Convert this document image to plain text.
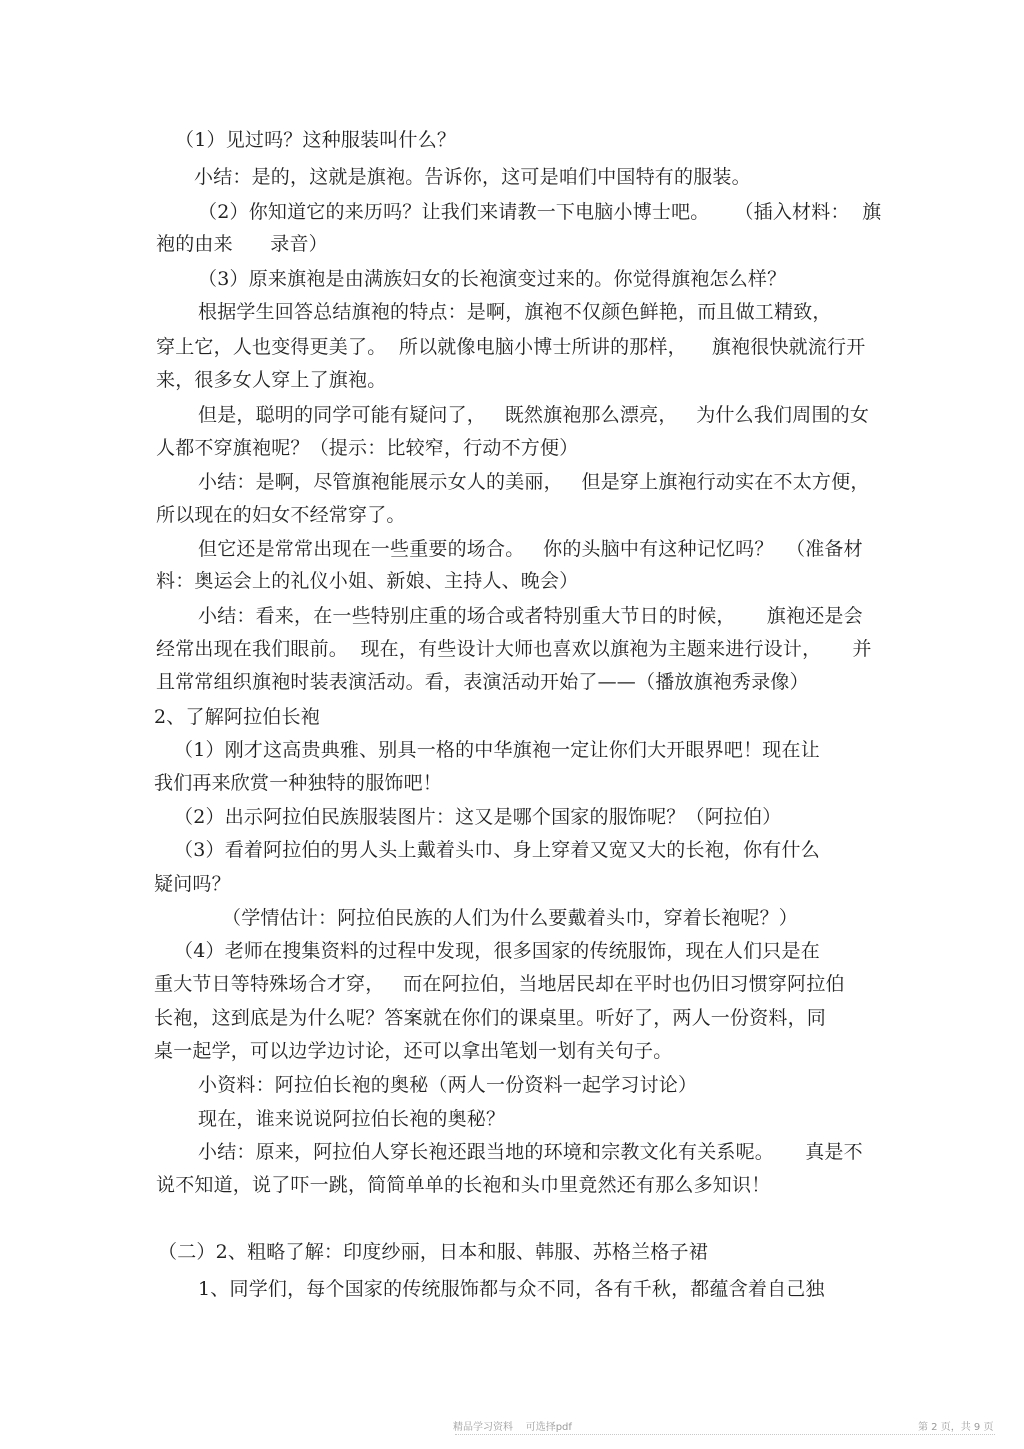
（1）见过吗？这种服装叫什么？
小结：是的，这就是旗袍。告诉你，这可是咱们中国特有的服装。
（2）你知道它的来历吗？让我们来请教一下电脑小博士吧。    （插入材料：  旗
袍的由来      录音）
（3）原来旗袍是由满族妇女的长袍演变过来的。你觉得旗袍怎么样？
根据学生回答总结旗袍的特点：是啊，旗袍不仅颜色鲜艳，而且做工精致，
穿上它，人也变得更美了。  所以就像电脑小博士所讲的那样，    旗袍很快就流行开
来，很多女人穿上了旗袍。
但是，聪明的同学可能有疑问了，   既然旗袍那么漂亮，   为什么我们周围的女
人都不穿旗袍呢？（提示：比较窄，行动不方便）
小结：是啊，尽管旗袍能展示女人的美丽，   但是穿上旗袍行动实在不太方便，
所以现在的妇女不经常穿了。
但它还是常常出现在一些重要的场合。   你的头脑中有这种记忆吗？  （准备材
料：奥运会上的礼仪小姐、新娘、主持人、晚会）
小结：看来，在一些特别庄重的场合或者特别重大节日的时候，     旗袍还是会
经常出现在我们眼前。  现在，有些设计大师也喜欢以旗袍为主题来进行设计，     并
且常常组织旗袍时装表演活动。看，表演活动开始了——（播放旗袍秀录像）
2、了解阿拉伯长袍
（1）刚才这高贵典雅、别具一格的中华旗袍一定让你们大开眼界吧！现在让
我们再来欣赏一种独特的服饰吧！
（2）出示阿拉伯民族服装图片：这又是哪个国家的服饰呢？（阿拉伯）
（3）看着阿拉伯的男人头上戴着头巾、身上穿着又宽又大的长袍，你有什么
疑问吗？
（学情估计：阿拉伯民族的人们为什么要戴着头巾，穿着长袍呢？）
（4）老师在搜集资料的过程中发现，很多国家的传统服饰，现在人们只是在
重大节日等特殊场合才穿，   而在阿拉伯，当地居民却在平时也仍旧习惯穿阿拉伯
长袍，这到底是为什么呢？答案就在你们的课桌里。听好了，两人一份资料，同
桌一起学，可以边学边讨论，还可以拿出笔划一划有关句子。
小资料：阿拉伯长袍的奥秘（两人一份资料一起学习讨论）
现在，谁来说说阿拉伯长袍的奥秘？
小结：原来，阿拉伯人穿长袍还跟当地的环境和宗教文化有关系呢。     真是不
说不知道，说了吓一跳，简简单单的长袍和头巾里竟然还有那么多知识！
（二）2、粗略了解：印度纱丽，日本和服、韩服、苏格兰格子裙
1、同学们，每个国家的传统服饰都与众不同，各有千秋，都蕴含着自己独
精品学习资料    可选择pdf	第 2 页，共 9 页
